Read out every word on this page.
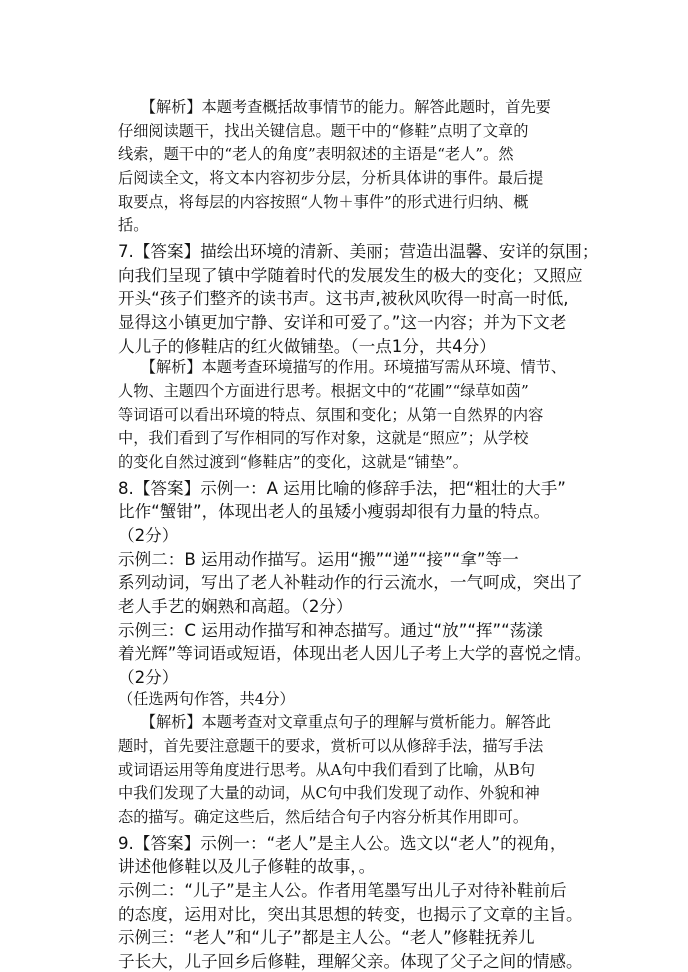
　　【解析】本题考查概括故事情节的能力。解答此题时，首先要
仔细阅读题干，找出关键信息。题干中的“修鞋”点明了文章的
线索，题干中的“老人的角度”表明叙述的主语是“老人”。然
后阅读全文，将文本内容初步分层，分析具体讲的事件。最后提
取要点，将每层的内容按照“人物＋事件”的形式进行归纳、概
括。
7.【答案】描绘出环境的清新、美丽；营造出温馨、安详的氛围；
向我们呈现了镇中学随着时代的发展发生的极大的变化；又照应
开头“孩子们整齐的读书声。这书声,被秋风吹得一时高一时低,
显得这小镇更加宁静、安详和可爱了。”这一内容；并为下文老
人儿子的修鞋店的红火做铺垫。（一点1分，共4分）
　　【解析】本题考查环境描写的作用。环境描写需从环境、情节、
人物、主题四个方面进行思考。根据文中的“花圃”“绿草如茵”
等词语可以看出环境的特点、氛围和变化；从第一自然界的内容
中，我们看到了写作相同的写作对象，这就是“照应”；从学校
的变化自然过渡到“修鞋店”的变化，这就是“铺垫”。
8.【答案】示例一：A 运用比喻的修辞手法，把“粗壮的大手”
比作“蟹钳”，体现出老人的虽矮小瘦弱却很有力量的特点。
（2分）
示例二：B 运用动作描写。运用“搬”“递”“接”“拿”等一
系列动词，写出了老人补鞋动作的行云流水，一气呵成，突出了
老人手艺的娴熟和高超。（2分）
示例三：C 运用动作描写和神态描写。通过“放”“挥”“荡漾
着光辉”等词语或短语，体现出老人因儿子考上大学的喜悦之情。
（2分）
（任选两句作答，共4分）
　　【解析】本题考查对文章重点句子的理解与赏析能力。解答此
题时，首先要注意题干的要求，赏析可以从修辞手法，描写手法
或词语运用等角度进行思考。从A句中我们看到了比喻，从B句
中我们发现了大量的动词，从C句中我们发现了动作、外貌和神
态的描写。确定这些后，然后结合句子内容分析其作用即可。
9.【答案】示例一：“老人”是主人公。选文以“老人”的视角，
讲述他修鞋以及儿子修鞋的故事，。
示例二：“儿子”是主人公。作者用笔墨写出儿子对待补鞋前后
的态度，运用对比，突出其思想的转变，也揭示了文章的主旨。
示例三：“老人”和“儿子”都是主人公。“老人”修鞋抚养儿
子长大，儿子回乡后修鞋，理解父亲。体现了父子之间的情感。
